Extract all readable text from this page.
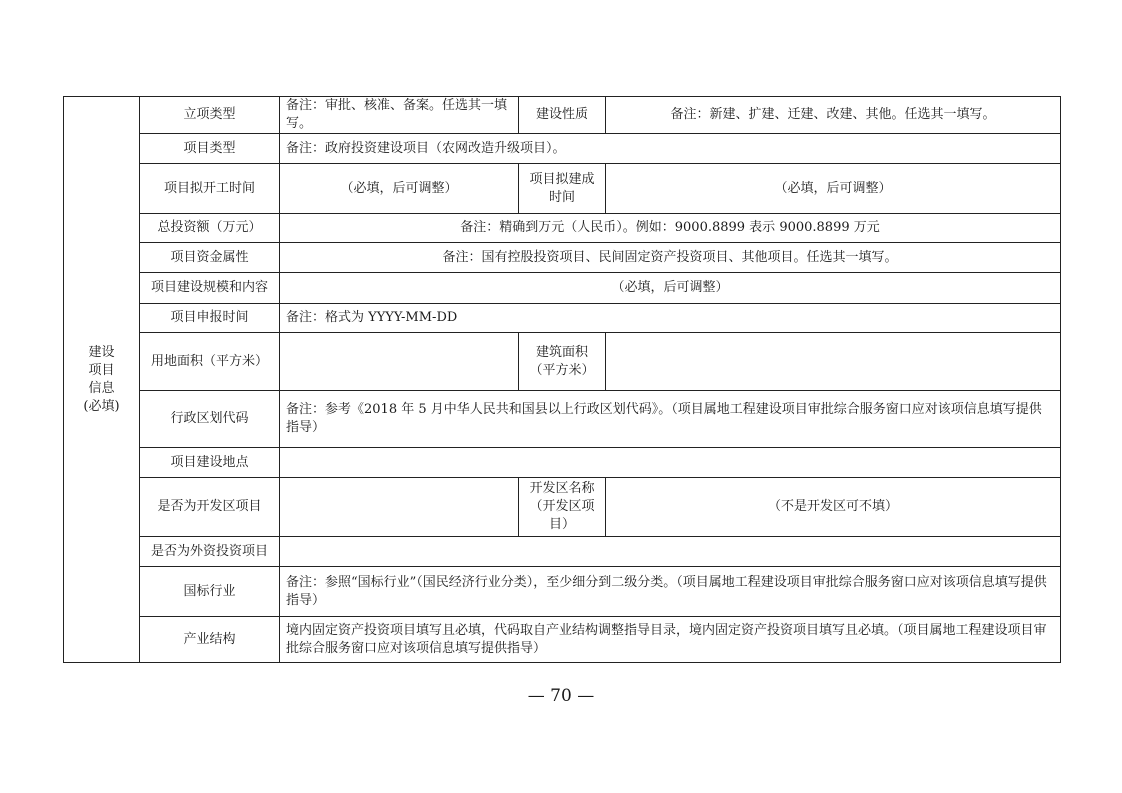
建设
项目
信息
(必填)	立项类型	备注：审批、核准、备案。任选其一填写。	建设性质	备注：新建、扩建、迁建、改建、其他。任选其一填写。
	项目类型	备注：政府投资建设项目（农网改造升级项目）。		
	项目拟开工时间	（必填，后可调整）	项目拟建成时间	（必填，后可调整）
	总投资额（万元）	备注：精确到万元（人民币）。例如：9000.8899 表示 9000.8899 万元		
	项目资金属性	备注：国有控股投资项目、民间固定资产投资项目、其他项目。任选其一填写。		
	项目建设规模和内容	（必填，后可调整）		
	项目申报时间	备注：格式为 YYYY-MM-DD		
	用地面积（平方米）		建筑面积（平方米）	
	行政区划代码	备注：参考《2018 年 5 月中华人民共和国县以上行政区划代码》。（项目属地工程建设项目审批综合服务窗口应对该项信息填写提供指导）		
	项目建设地点			
	是否为开发区项目		开发区名称（开发区项目）	（不是开发区可不填）
	是否为外资投资项目			
	国标行业	备注：参照“国标行业”（国民经济行业分类），至少细分到二级分类。（项目属地工程建设项目审批综合服务窗口应对该项信息填写提供指导）		
	产业结构	境内固定资产投资项目填写且必填，代码取自产业结构调整指导目录，境内固定资产投资项目填写且必填。（项目属地工程建设项目审批综合服务窗口应对该项信息填写提供指导）		
— 70 —
